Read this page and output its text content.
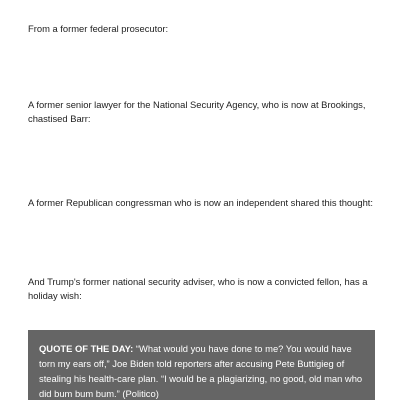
From a former federal prosecutor:

A former senior lawyer for the National Security Agency, who is now at Brookings, chastised Barr:

A former Republican congressman who is now an independent shared this thought:

And Trump's former national security adviser, who is now a convicted fellon, has a holiday wish:

QUOTE OF THE DAY: “What would you have done to me? You would have torn my ears off,” Joe Biden told reporters after accusing Pete Buttigieg of stealing his health-care plan. “I would be a plagiarizing, no good, old man who did bum bum bum.” (Politico)
